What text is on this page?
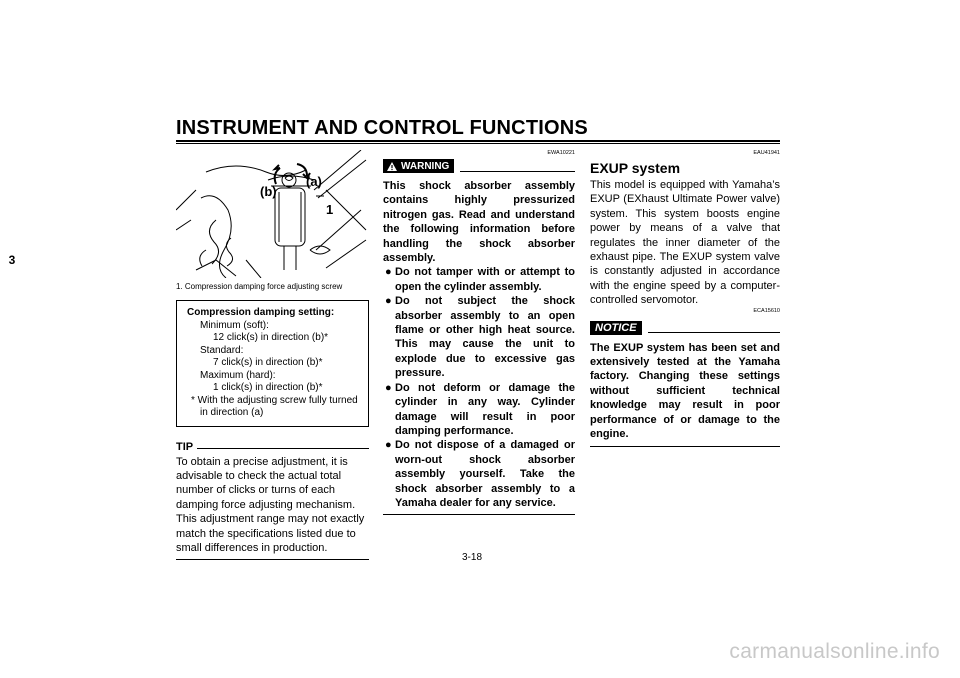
INSTRUMENT AND CONTROL FUNCTIONS
3
(b)
(a)
1
1. Compression damping force adjusting screw
Compression damping setting:
Minimum (soft):
12 click(s) in direction (b)*
Standard:
7 click(s) in direction (b)*
Maximum (hard):
1 click(s) in direction (b)*
* With the adjusting screw fully turned in direction (a)
TIP
To obtain a precise adjustment, it is advisable to check the actual total number of clicks or turns of each damping force adjusting mechanism. This adjustment range may not exactly match the specifications listed due to small differences in production.
EWA10221
WARNING
This shock absorber assembly contains highly pressurized nitrogen gas. Read and understand the following information before handling the shock absorber assembly.
● Do not tamper with or attempt to open the cylinder assembly.
● Do not subject the shock absorber assembly to an open flame or other high heat source. This may cause the unit to explode due to excessive gas pressure.
● Do not deform or damage the cylinder in any way. Cylinder damage will result in poor damping performance.
● Do not dispose of a damaged or worn-out shock absorber assembly yourself. Take the shock absorber assembly to a Yamaha dealer for any service.
EAU41941
EXUP system
This model is equipped with Yamaha’s EXUP (EXhaust Ultimate Power valve) system. This system boosts engine power by means of a valve that regulates the inner diameter of the exhaust pipe. The EXUP system valve is constantly adjusted in accordance with the engine speed by a computer-controlled servomotor.
ECA15610
NOTICE
The EXUP system has been set and extensively tested at the Yamaha factory. Changing these settings without sufficient technical knowledge may result in poor performance of or damage to the engine.
3-18
carmanualsonline.info
